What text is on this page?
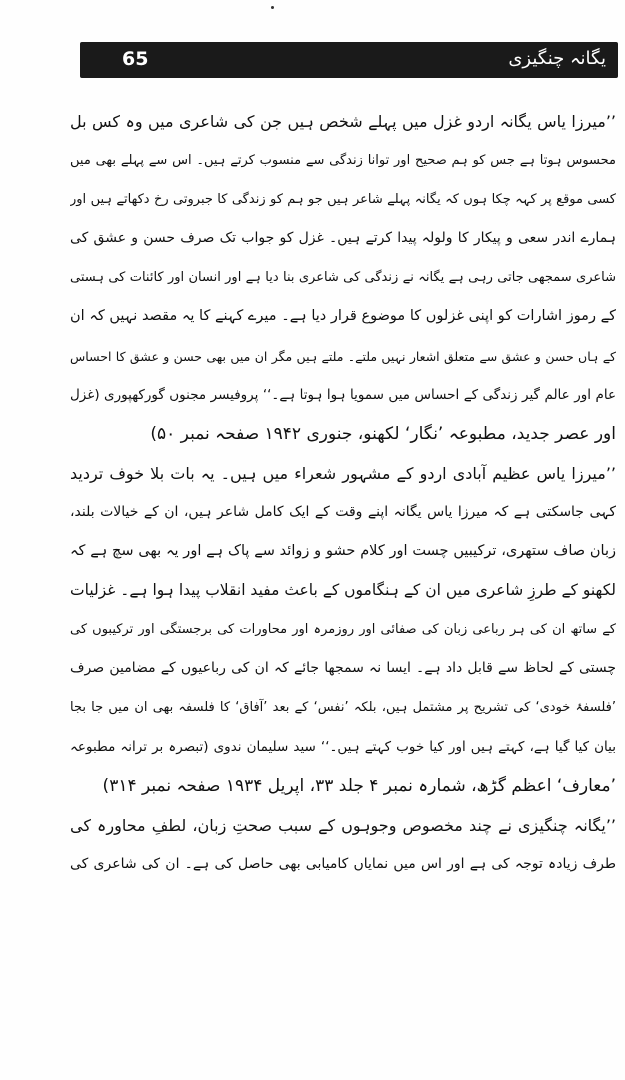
65	یگانہ چنگیزی
’’میرزا یاس یگانہ اردو غزل میں پہلے شخص ہیں جن کی شاعری میں وہ کس بل
محسوس ہوتا ہے جس کو ہم صحیح اور توانا زندگی سے منسوب کرتے ہیں۔ اس سے پہلے بھی میں
کسی موقع پر کہہ چکا ہوں کہ یگانہ پہلے شاعر ہیں جو ہم کو زندگی کا جبروتی رخ دکھاتے ہیں اور
ہمارے اندر سعی و پیکار کا ولولہ پیدا کرتے ہیں۔ غزل کو جواب تک صرف حسن و عشق کی
شاعری سمجھی جاتی رہی ہے یگانہ نے زندگی کی شاعری بنا دیا ہے اور انسان اور کائنات کی ہستی
کے رموز اشارات کو اپنی غزلوں کا موضوع قرار دیا ہے۔ میرے کہنے کا یہ مقصد نہیں کہ ان
کے ہاں حسن و عشق سے متعلق اشعار نہیں ملتے۔ ملتے ہیں مگر ان میں بھی حسن و عشق کا احساس
عام اور عالم گیر زندگی کے احساس میں سمویا ہوا ہوتا ہے۔‘‘ پروفیسر مجنوں گورکھپوری (غزل
اور عصر جدید، مطبوعہ ’نگار‘ لکھنو، جنوری ۱۹۴۲ صفحہ نمبر ۵۰)
’’میرزا یاس عظیم آبادی اردو کے مشہور شعراء میں ہیں۔ یہ بات بلا خوف تردید
کہی جاسکتی ہے کہ میرزا یاس یگانہ اپنے وقت کے ایک کامل شاعر ہیں، ان کے خیالات بلند،
زبان صاف ستھری، ترکیبیں چست اور کلام حشو و زوائد سے پاک ہے اور یہ بھی سچ ہے کہ
لکھنو کے طرزِ شاعری میں ان کے ہنگاموں کے باعث مفید انقلاب پیدا ہوا ہے۔ غزلیات
کے ساتھ ان کی ہر رباعی زبان کی صفائی اور روزمرہ اور محاورات کی برجستگی اور ترکیبوں کی
چستی کے لحاظ سے قابل داد ہے۔ ایسا نہ سمجھا جائے کہ ان کی رباعیوں کے مضامین صرف
’فلسفۂ خودی‘ کی تشریح پر مشتمل ہیں، بلکہ ’نفس‘ کے بعد ’آفاق‘ کا فلسفہ بھی ان میں جا بجا
بیان کیا گیا ہے، کہتے ہیں اور کیا خوب کہتے ہیں۔‘‘ سید سلیمان ندوی (تبصرہ بر ترانہ مطبوعہ
’معارف‘ اعظم گڑھ، شمارہ نمبر ۴ جلد ۳۳، اپریل ۱۹۳۴ صفحہ نمبر ۳۱۴)
’’یگانہ چنگیزی نے چند مخصوص وجوہوں کے سبب صحتِ زبان، لطفِ محاورہ کی
طرف زیادہ توجہ کی ہے اور اس میں نمایاں کامیابی بھی حاصل کی ہے۔ ان کی شاعری کی
